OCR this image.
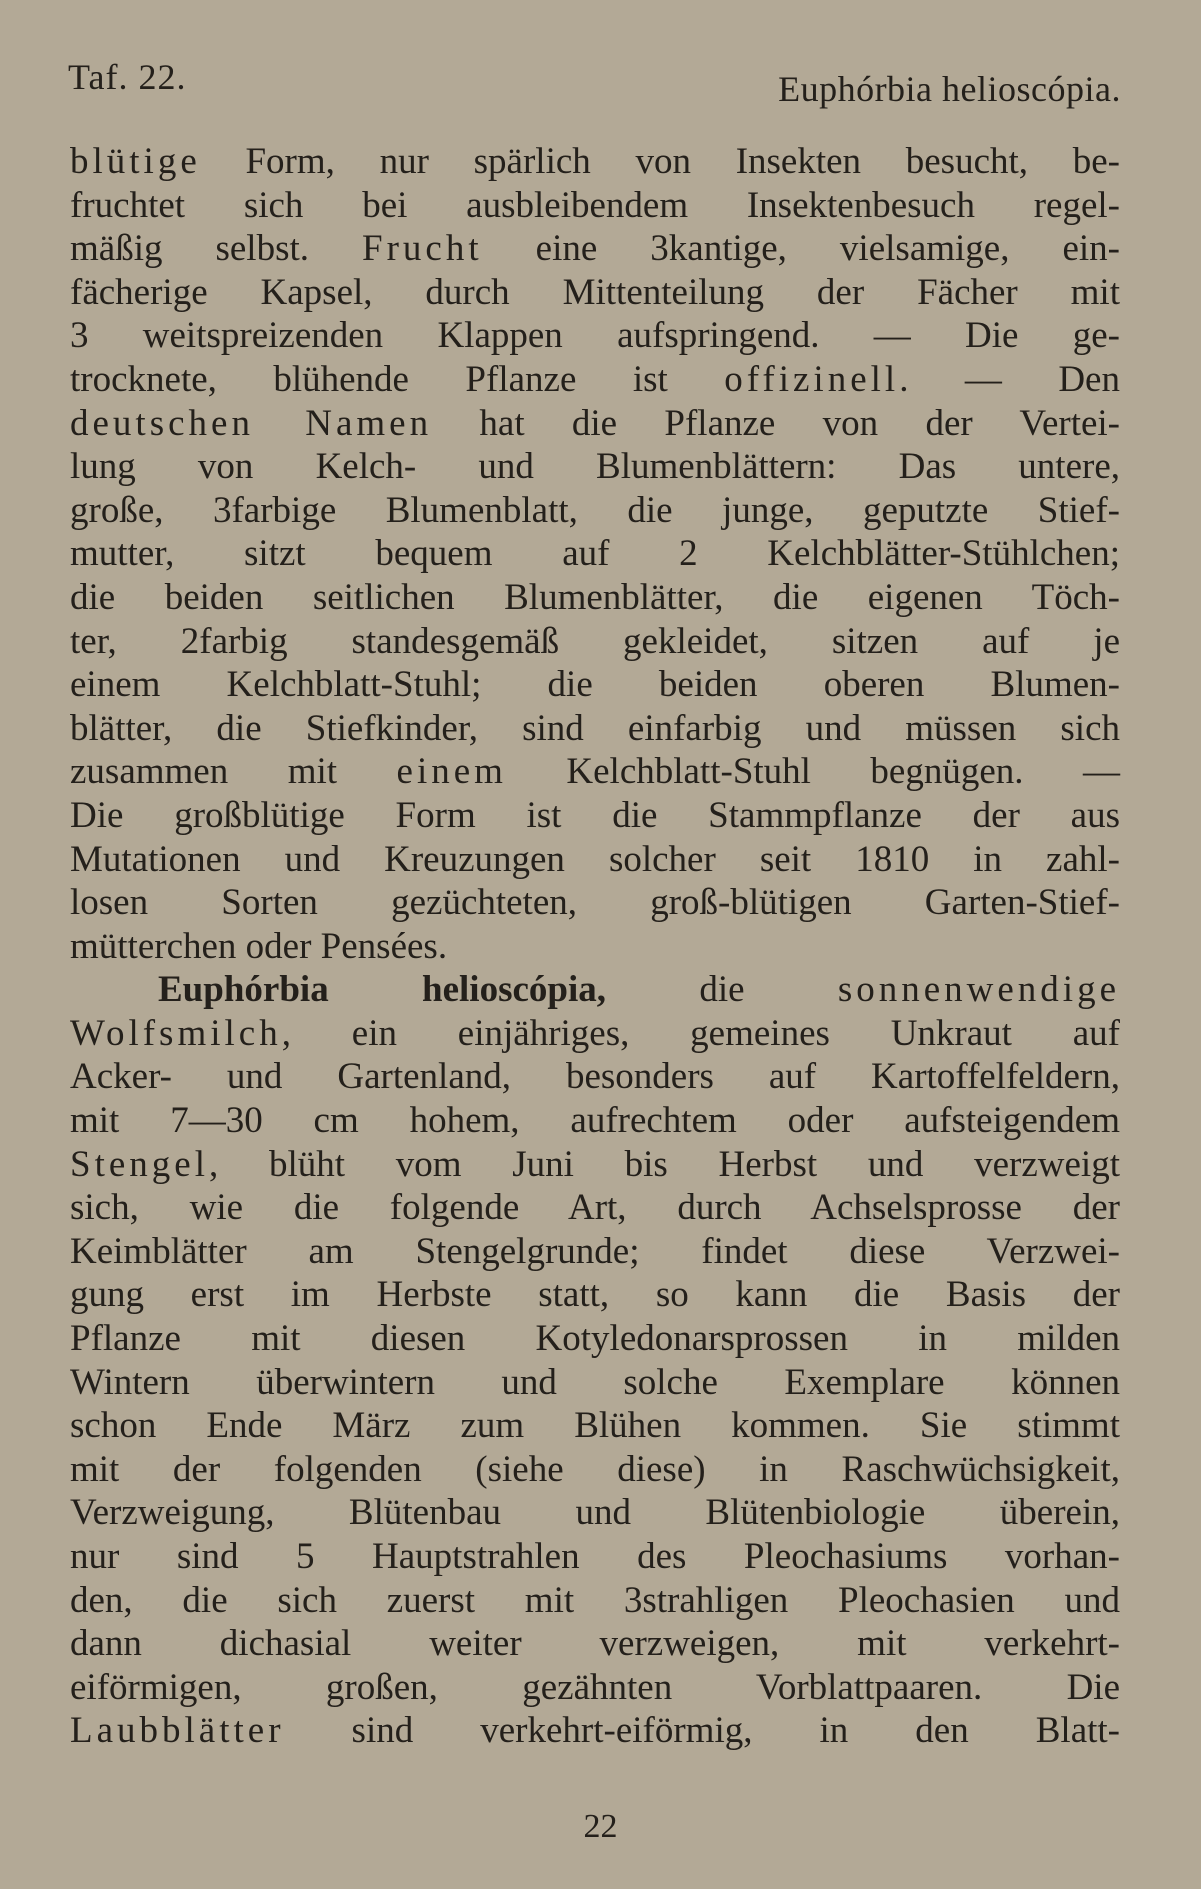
Taf. 22.	Euphórbia helioscópia.
blütige Form, nur spärlich von Insekten besucht, be-
fruchtet sich bei ausbleibendem Insektenbesuch regel-
mäßig selbst. Frucht eine 3kantige, vielsamige, ein-
fächerige Kapsel, durch Mittenteilung der Fächer mit
3 weitspreizenden Klappen aufspringend. — Die ge-
trocknete, blühende Pflanze ist offizinell. — Den
deutschen Namen hat die Pflanze von der Vertei-
lung von Kelch- und Blumenblättern: Das untere,
große, 3farbige Blumenblatt, die junge, geputzte Stief-
mutter, sitzt bequem auf 2 Kelchblätter-Stühlchen;
die beiden seitlichen Blumenblätter, die eigenen Töch-
ter, 2farbig standesgemäß gekleidet, sitzen auf je
einem Kelchblatt-Stuhl; die beiden oberen Blumen-
blätter, die Stiefkinder, sind einfarbig und müssen sich
zusammen mit einem Kelchblatt-Stuhl begnügen. —
Die großblütige Form ist die Stammpflanze der aus
Mutationen und Kreuzungen solcher seit 1810 in zahl-
losen Sorten gezüchteten, groß-blütigen Garten-Stief-
mütterchen oder Pensées.
Euphórbia helioscópia, die sonnenwendige
Wolfsmilch, ein einjähriges, gemeines Unkraut auf
Acker- und Gartenland, besonders auf Kartoffelfeldern,
mit 7—30 cm hohem, aufrechtem oder aufsteigendem
Stengel, blüht vom Juni bis Herbst und verzweigt
sich, wie die folgende Art, durch Achselsprosse der
Keimblätter am Stengelgrunde; findet diese Verzwei-
gung erst im Herbste statt, so kann die Basis der
Pflanze mit diesen Kotyledonarsprossen in milden
Wintern überwintern und solche Exemplare können
schon Ende März zum Blühen kommen. Sie stimmt
mit der folgenden (siehe diese) in Raschwüchsigkeit,
Verzweigung, Blütenbau und Blütenbiologie überein,
nur sind 5 Hauptstrahlen des Pleochasiums vorhan-
den, die sich zuerst mit 3strahligen Pleochasien und
dann dichasial weiter verzweigen, mit verkehrt-
eiförmigen, großen, gezähnten Vorblattpaaren. Die
Laubblätter sind verkehrt-eiförmig, in den Blatt-
22
